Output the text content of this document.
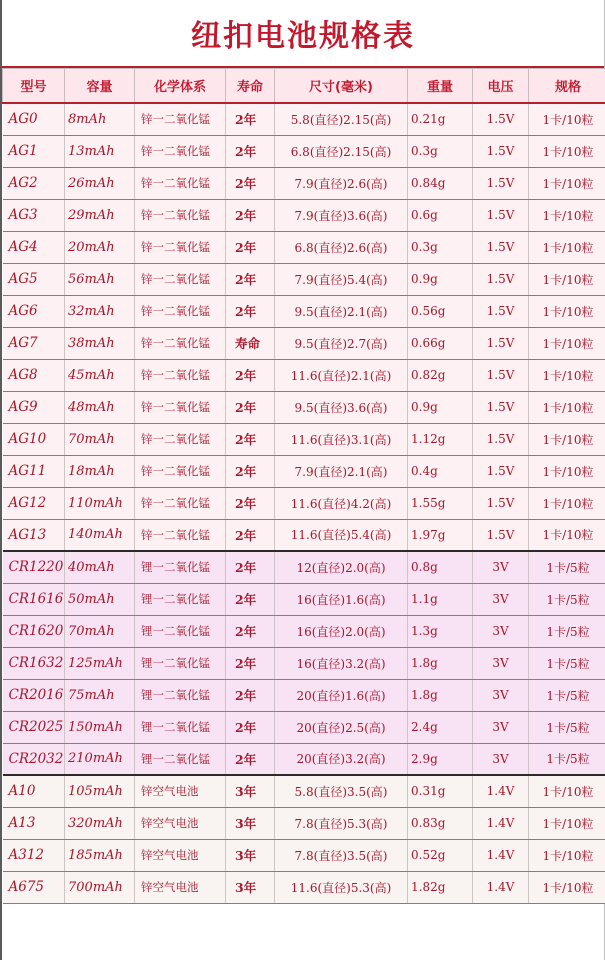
纽扣电池规格表
型号	容量	化学体系	寿命	尺寸(毫米)	重量	电压	规格
AG0	8mAh	锌一二氧化锰	2年	5.8(直径)2.15(高)	0.21g	1.5V	1卡/10粒
AG1	13mAh	锌一二氧化锰	2年	6.8(直径)2.15(高)	0.3g	1.5V	1卡/10粒
AG2	26mAh	锌一二氧化锰	2年	7.9(直径)2.6(高)	0.84g	1.5V	1卡/10粒
AG3	29mAh	锌一二氧化锰	2年	7.9(直径)3.6(高)	0.6g	1.5V	1卡/10粒
AG4	20mAh	锌一二氧化锰	2年	6.8(直径)2.6(高)	0.3g	1.5V	1卡/10粒
AG5	56mAh	锌一二氧化锰	2年	7.9(直径)5.4(高)	0.9g	1.5V	1卡/10粒
AG6	32mAh	锌一二氧化锰	2年	9.5(直径)2.1(高)	0.56g	1.5V	1卡/10粒
AG7	38mAh	锌一二氧化锰	寿命	9.5(直径)2.7(高)	0.66g	1.5V	1卡/10粒
AG8	45mAh	锌一二氧化锰	2年	11.6(直径)2.1(高)	0.82g	1.5V	1卡/10粒
AG9	48mAh	锌一二氧化锰	2年	9.5(直径)3.6(高)	0.9g	1.5V	1卡/10粒
AG10	70mAh	锌一二氧化锰	2年	11.6(直径)3.1(高)	1.12g	1.5V	1卡/10粒
AG11	18mAh	锌一二氧化锰	2年	7.9(直径)2.1(高)	0.4g	1.5V	1卡/10粒
AG12	110mAh	锌一二氧化锰	2年	11.6(直径)4.2(高)	1.55g	1.5V	1卡/10粒
AG13	140mAh	锌一二氧化锰	2年	11.6(直径)5.4(高)	1.97g	1.5V	1卡/10粒
CR1220	40mAh	锂一二氧化锰	2年	12(直径)2.0(高)	0.8g	3V	1卡/5粒
CR1616	50mAh	锂一二氧化锰	2年	16(直径)1.6(高)	1.1g	3V	1卡/5粒
CR1620	70mAh	锂一二氧化锰	2年	16(直径)2.0(高)	1.3g	3V	1卡/5粒
CR1632	125mAh	锂一二氧化锰	2年	16(直径)3.2(高)	1.8g	3V	1卡/5粒
CR2016	75mAh	锂一二氧化锰	2年	20(直径)1.6(高)	1.8g	3V	1卡/5粒
CR2025	150mAh	锂一二氧化锰	2年	20(直径)2.5(高)	2.4g	3V	1卡/5粒
CR2032	210mAh	锂一二氧化锰	2年	20(直径)3.2(高)	2.9g	3V	1卡/5粒
A10	105mAh	锌空气电池	3年	5.8(直径)3.5(高)	0.31g	1.4V	1卡/10粒
A13	320mAh	锌空气电池	3年	7.8(直径)5.3(高)	0.83g	1.4V	1卡/10粒
A312	185mAh	锌空气电池	3年	7.8(直径)3.5(高)	0.52g	1.4V	1卡/10粒
A675	700mAh	锌空气电池	3年	11.6(直径)5.3(高)	1.82g	1.4V	1卡/10粒
